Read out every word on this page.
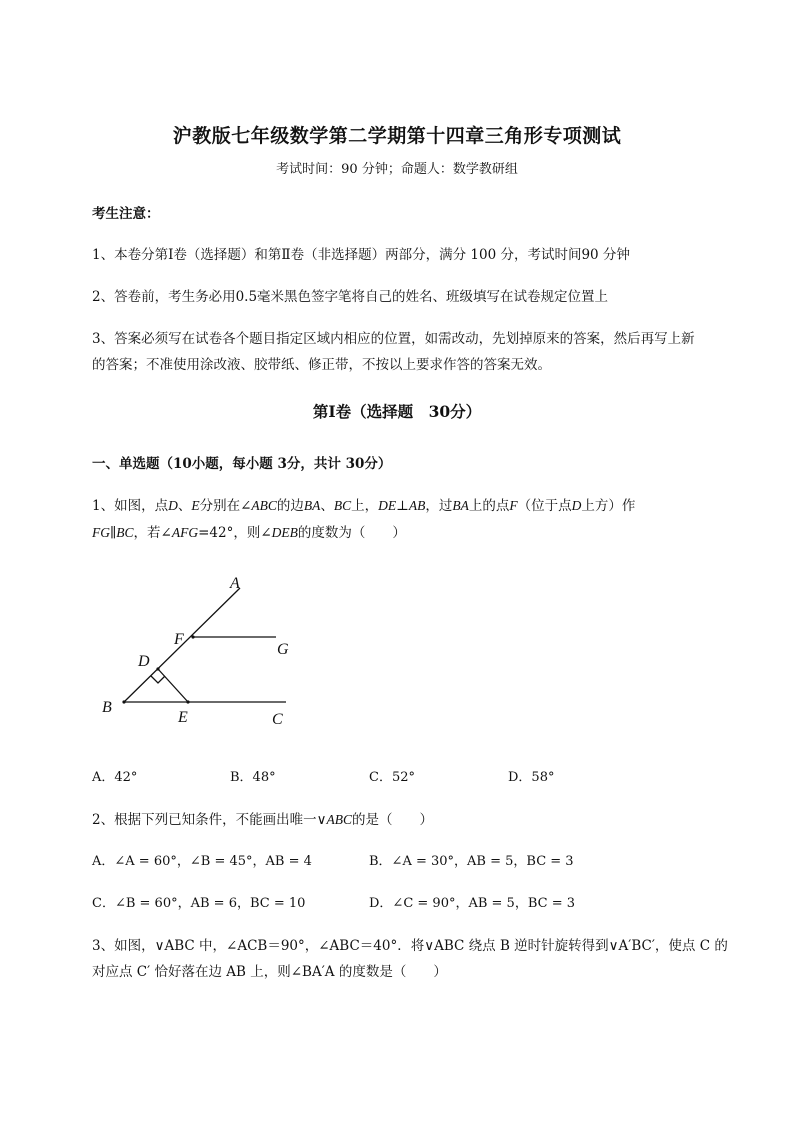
沪教版七年级数学第二学期第十四章三角形专项测试
考试时间：90 分钟；命题人：数学教研组
考生注意：
1、本卷分第Ⅰ卷（选择题）和第Ⅱ卷（非选择题）两部分，满分 100 分，考试时间90 分钟
2、答卷前，考生务必用0.5毫米黑色签字笔将自己的姓名、班级填写在试卷规定位置上
3、答案必须写在试卷各个题目指定区域内相应的位置，如需改动，先划掉原来的答案，然后再写上新
的答案；不准使用涂改液、胶带纸、修正带，不按以上要求作答的答案无效。
第Ⅰ卷（选择题　30分）
一、单选题（10小题，每小题 3分，共计 30分）
1、如图，点D、E分别在∠ABC的边BA、BC上，DE⊥AB，过BA上的点F（位于点D上方）作
FG∥BC，若∠AFG=42°，则∠DEB的度数为（　　）
A
F
G
D
B
E	C
A．42°	B．48°	C．52°	D．58°
2、根据下列已知条件，不能画出唯一∨ABC的是（　　）
A．∠A = 60°，∠B = 45°，AB = 4	B．∠A = 30°，AB = 5，BC = 3
C．∠B = 60°，AB = 6，BC = 10	D．∠C = 90°，AB = 5，BC = 3
3、如图，∨ABC 中，∠ACB＝90°，∠ABC＝40°．将∨ABC 绕点 B 逆时针旋转得到∨A′BC′，使点 C 的
对应点 C′ 恰好落在边 AB 上，则∠BA′A 的度数是（　　）
